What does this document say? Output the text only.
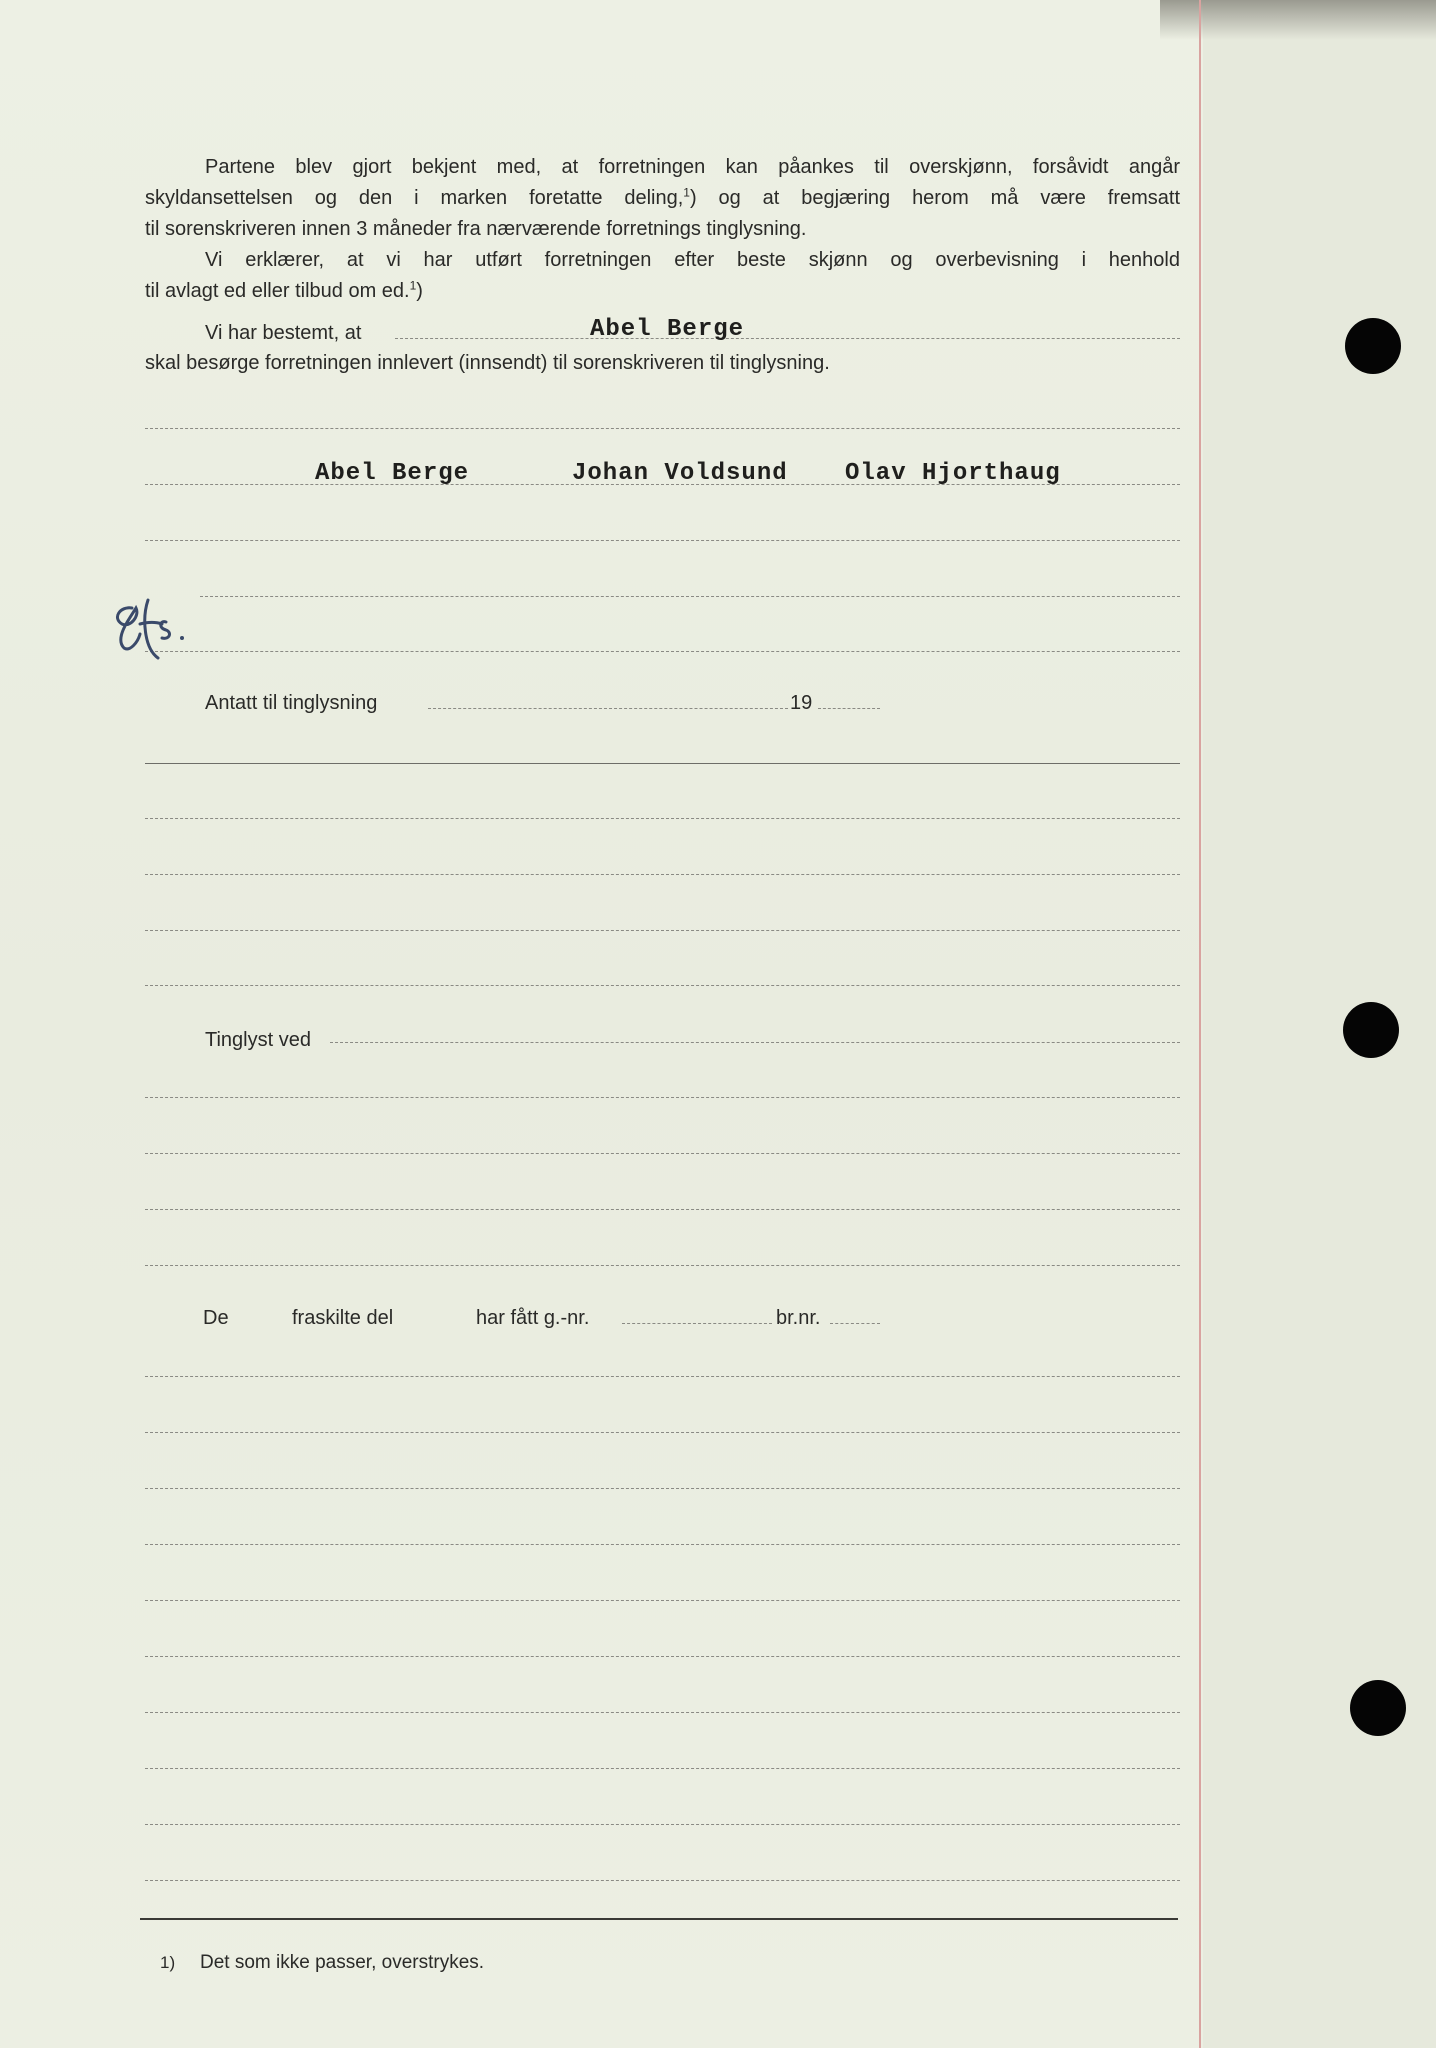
Partene blev gjort bekjent med, at forretningen kan påankes til overskjønn, forsåvidt angår
skyldansettelsen og den i marken foretatte deling,$^1$) og at begjæring herom må være fremsatt
til sorenskriveren innen 3 måneder fra nærværende forretnings tinglysning.
Vi erklærer, at vi har utført forretningen efter beste skjønn og overbevisning i henhold
til avlagt ed eller tilbud om ed.$^1$)
Vi har bestemt, at	Abel Berge
skal besørge forretningen innlevert (innsendt) til sorenskriveren til tinglysning.
Abel Berge	Johan Voldsund Olav Hjorthaug
Antatt til tinglysning	19
Tinglyst ved
De	fraskilte del	har fått g.-nr.	br.nr.
1) Det som ikke passer, overstrykes.
